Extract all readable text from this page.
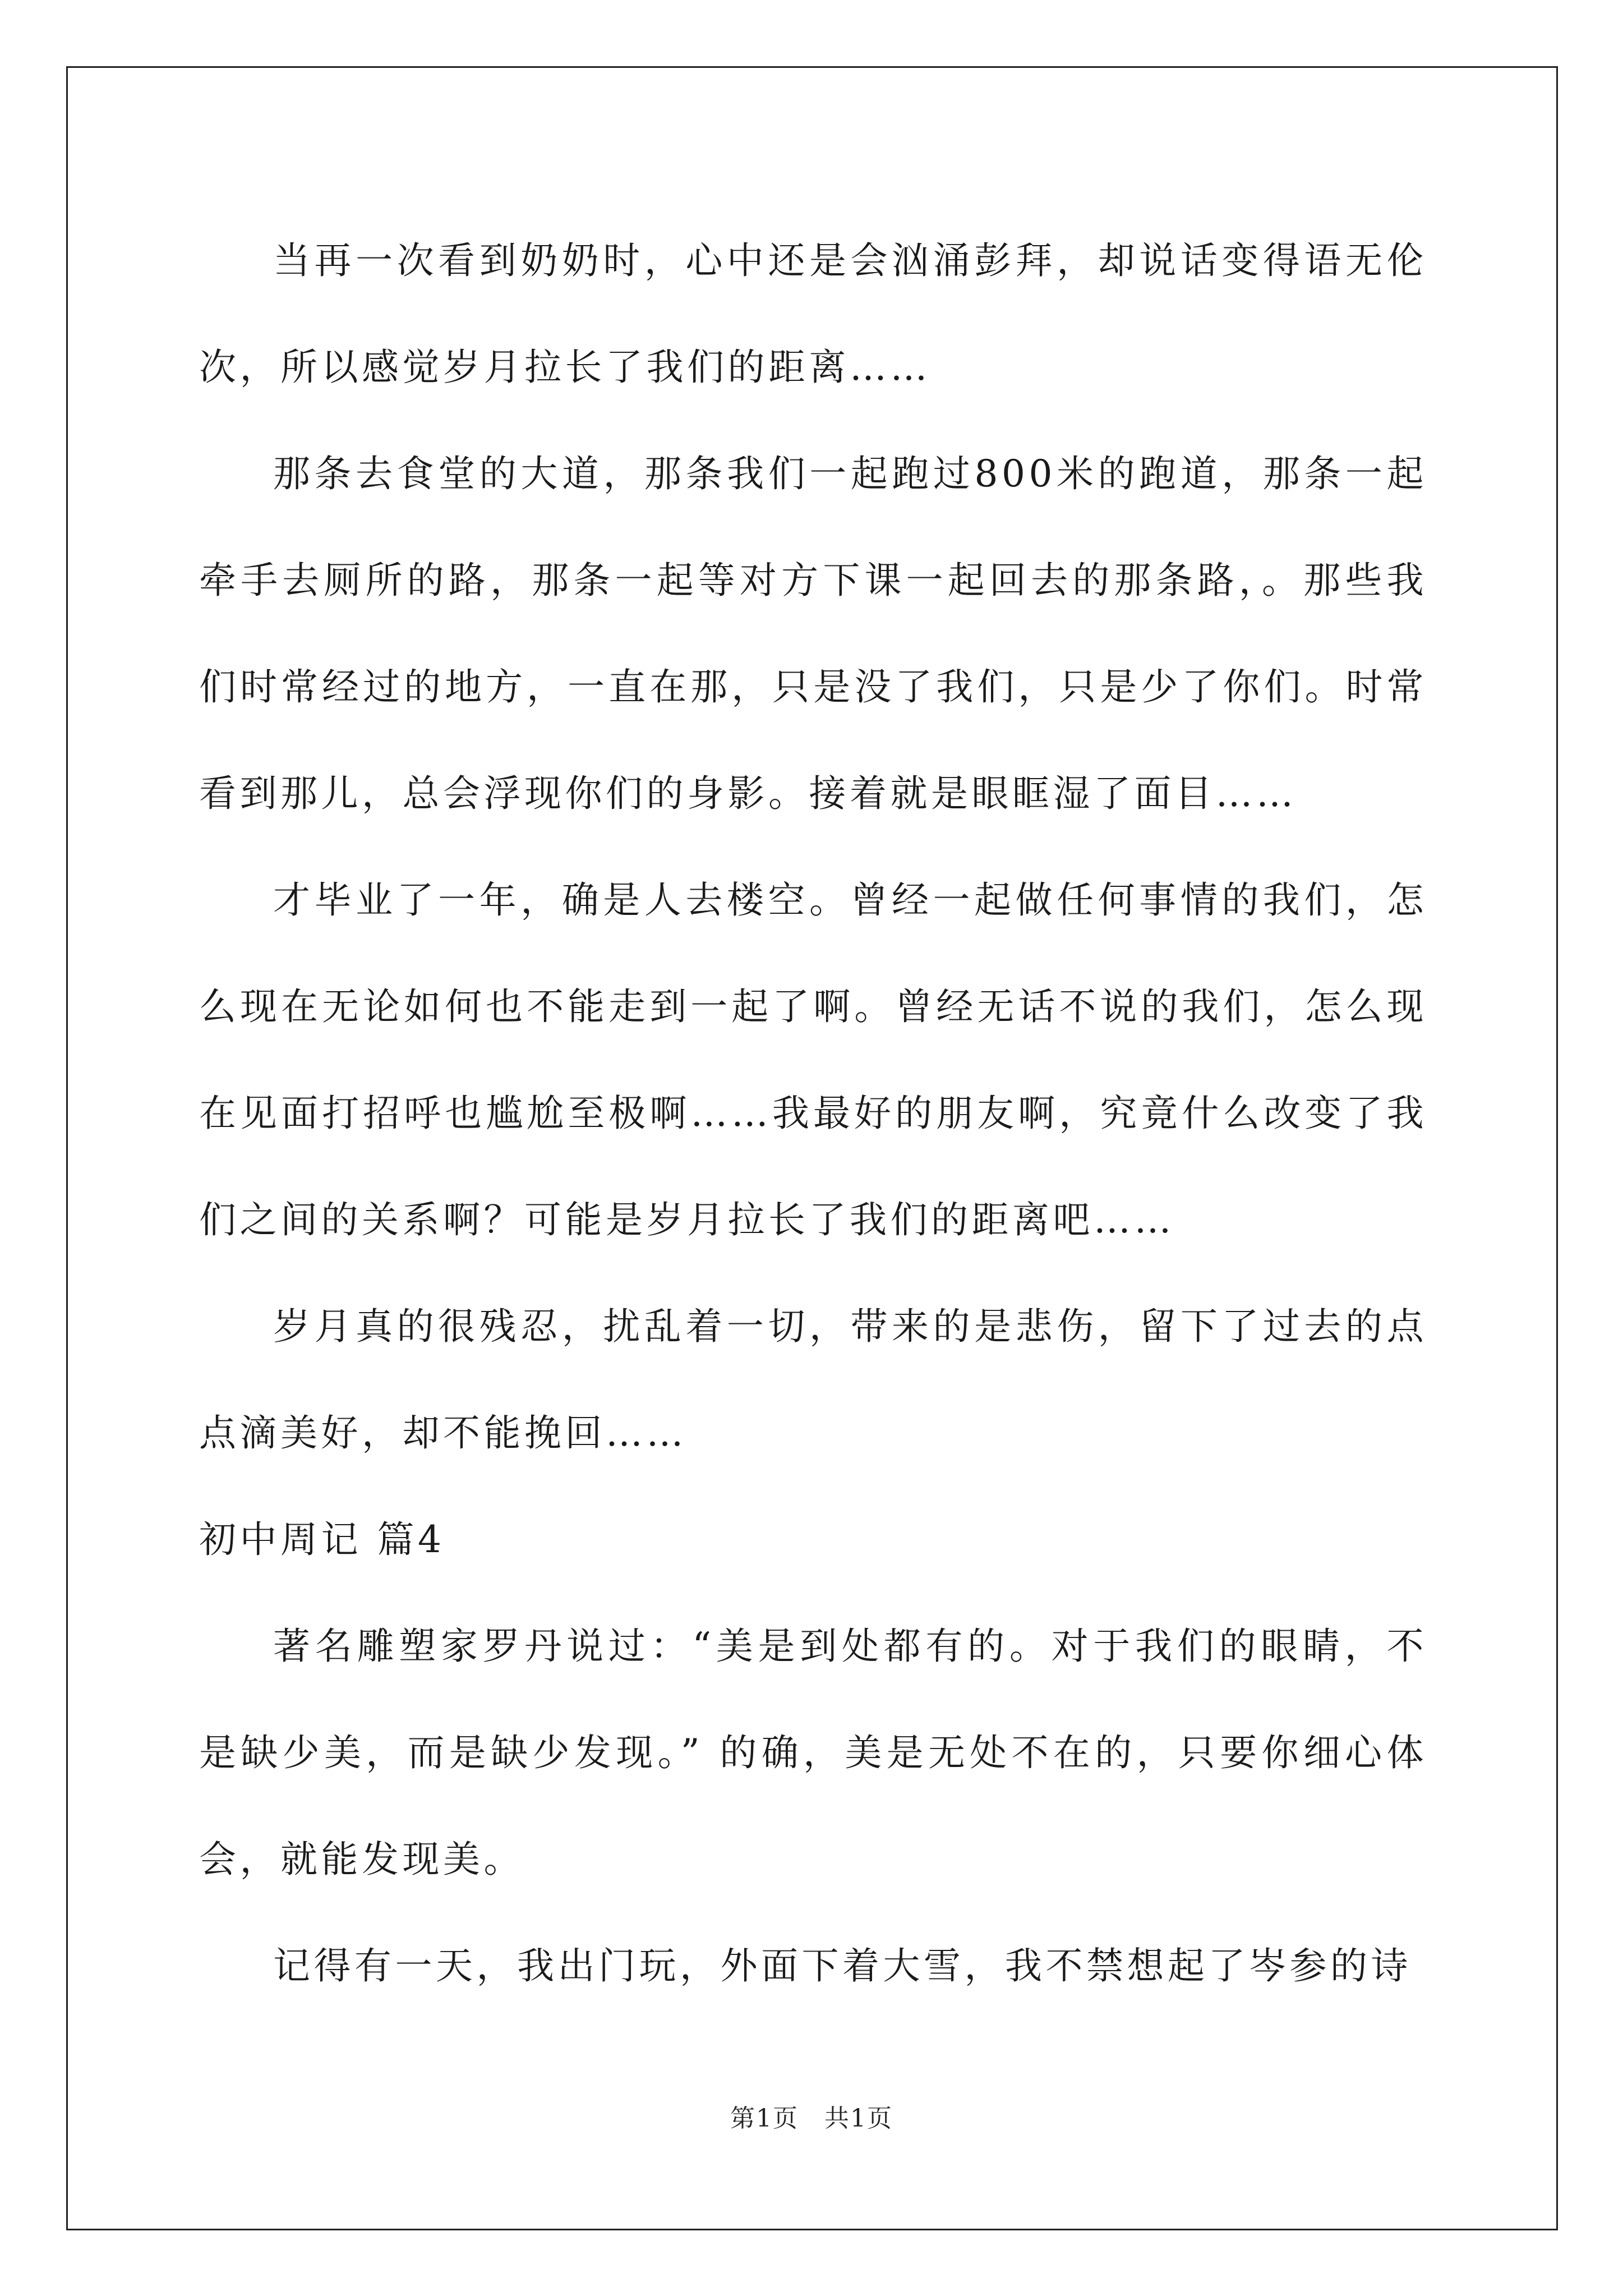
当再一次看到奶奶时，心中还是会汹涌彭拜，却说话变得语无伦次，所以感觉岁月拉长了我们的距离……

那条去食堂的大道，那条我们一起跑过800米的跑道，那条一起牵手去厕所的路，那条一起等对方下课一起回去的那条路，。那些我们时常经过的地方，一直在那，只是没了我们，只是少了你们。时常看到那儿，总会浮现你们的身影。接着就是眼眶湿了面目……

才毕业了一年，确是人去楼空。曾经一起做任何事情的我们，怎么现在无论如何也不能走到一起了啊。曾经无话不说的我们，怎么现在见面打招呼也尴尬至极啊……我最好的朋友啊，究竟什么改变了我们之间的关系啊？可能是岁月拉长了我们的距离吧……

岁月真的很残忍，扰乱着一切，带来的是悲伤，留下了过去的点点滴美好，却不能挽回……

初中周记 篇4

著名雕塑家罗丹说过：“美是到处都有的。对于我们的眼睛，不是缺少美，而是缺少发现。” 的确，美是无处不在的，只要你细心体会，就能发现美。

记得有一天，我出门玩，外面下着大雪，我不禁想起了岑参的诗

第1页　共1页
